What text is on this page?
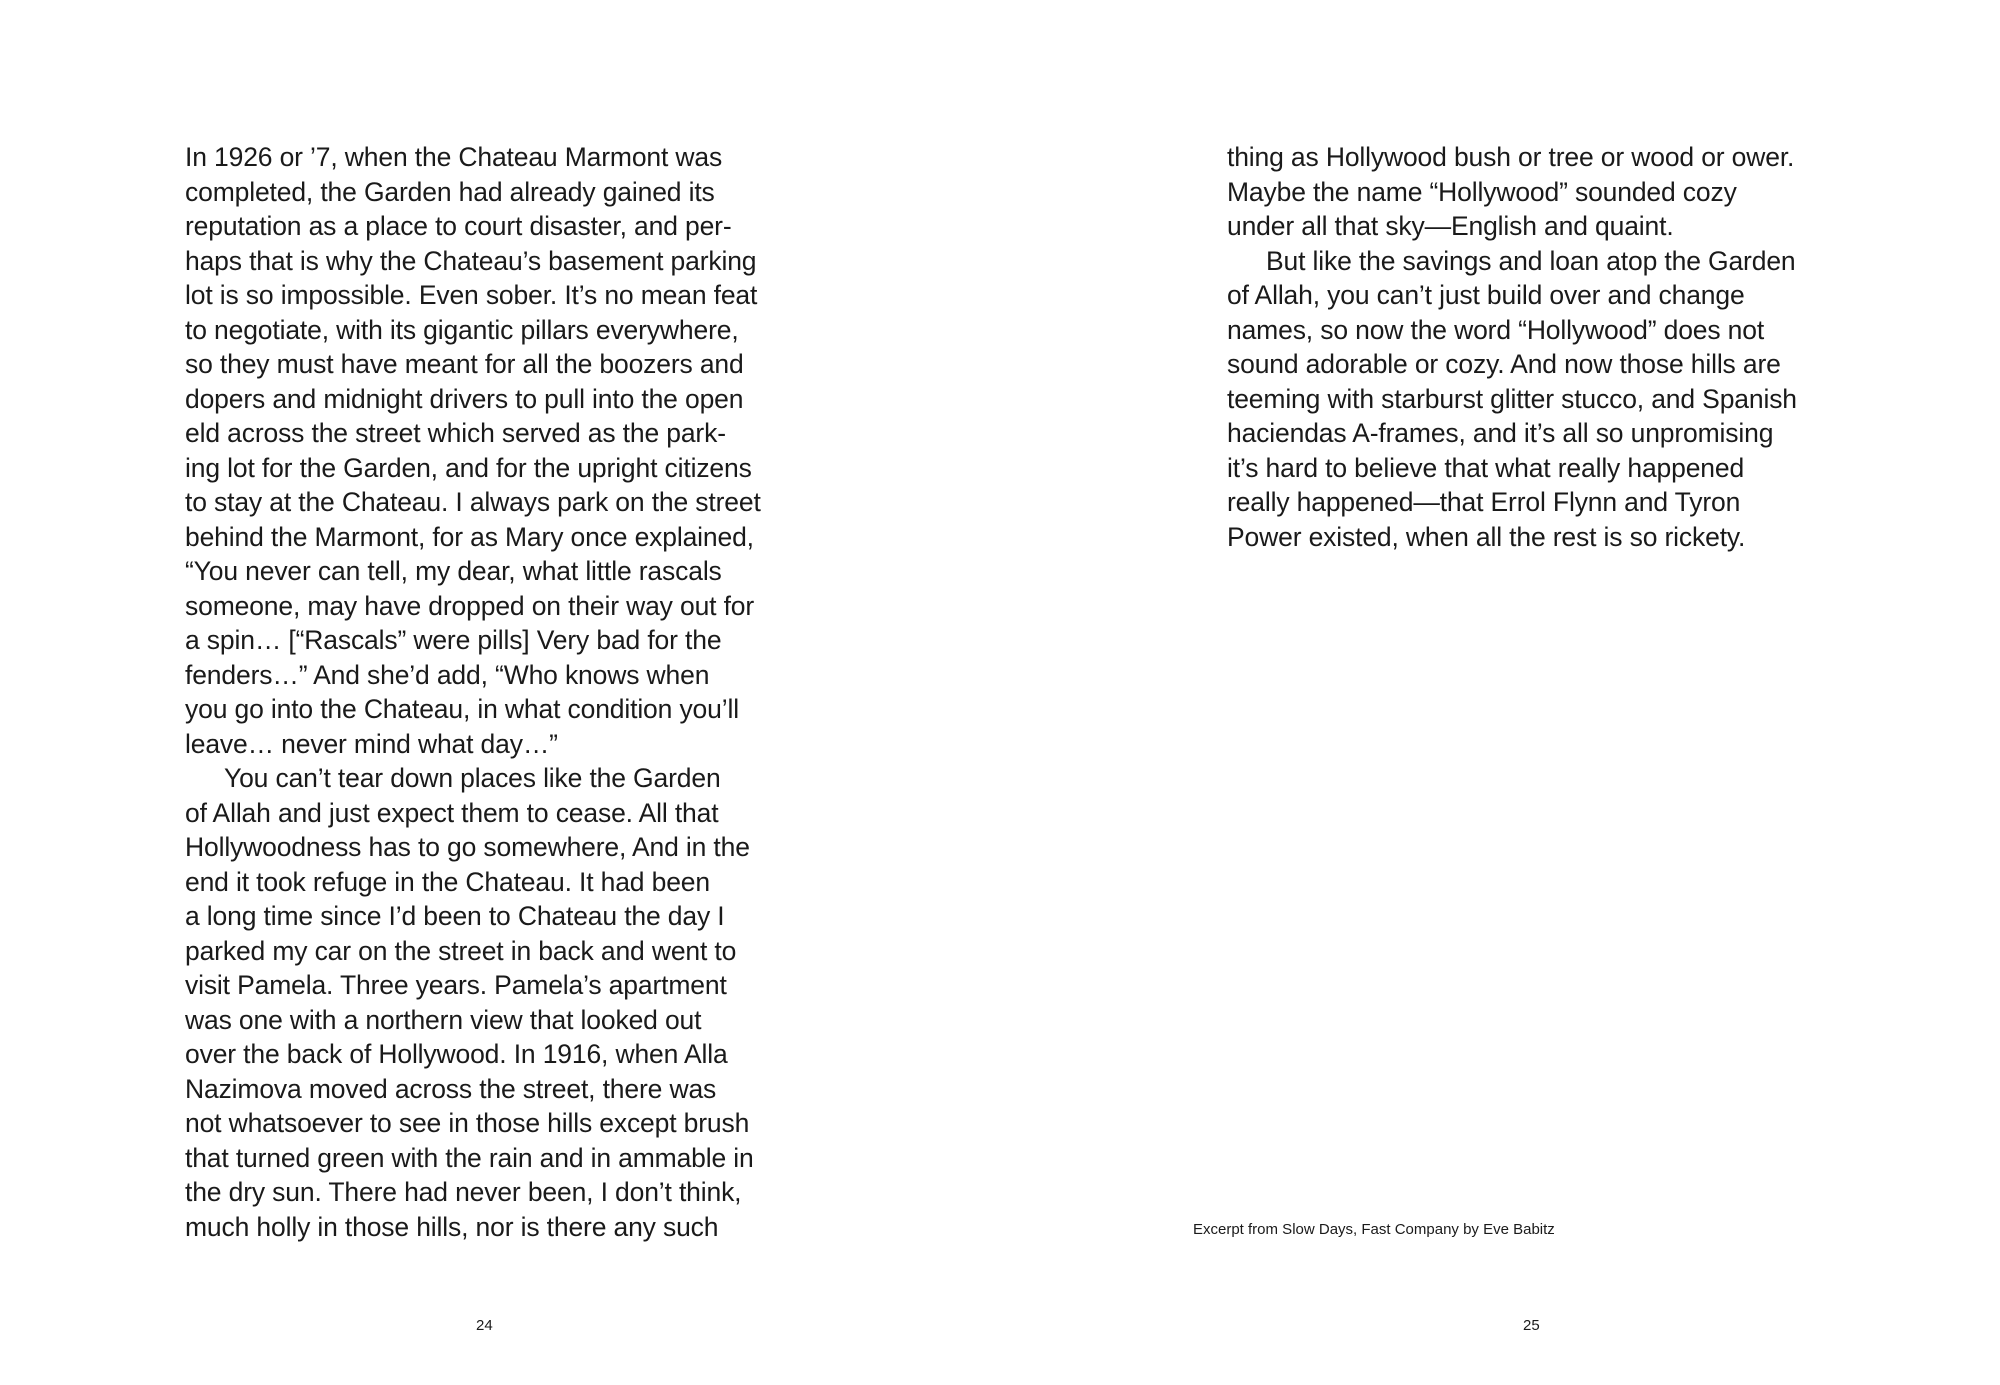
In 1926 or ’7, when the Chateau Marmont was
completed, the Garden had already gained its
reputation as a place to court disaster, and per-
haps that is why the Chateau’s basement parking
lot is so impossible. Even sober. It’s no mean feat
to negotiate, with its gigantic pillars everywhere,
so they must have meant for all the boozers and
dopers and midnight drivers to pull into the open
eld across the street which served as the park-
ing lot for the Garden, and for the upright citizens
to stay at the Chateau. I always park on the street
behind the Marmont, for as Mary once explained,
“You never can tell, my dear, what little rascals
someone, may have dropped on their way out for
a spin… [“Rascals” were pills] Very bad for the
fenders…” And she’d add, “Who knows when
you go into the Chateau, in what condition you’ll
leave… never mind what day…”
You can’t tear down places like the Garden
of Allah and just expect them to cease. All that
Hollywoodness has to go somewhere, And in the
end it took refuge in the Chateau. It had been
a long time since I’d been to Chateau the day I
parked my car on the street in back and went to
visit Pamela. Three years. Pamela’s apartment
was one with a northern view that looked out
over the back of Hollywood. In 1916, when Alla
Nazimova moved across the street, there was
not whatsoever to see in those hills except brush
that turned green with the rain and in ammable in
the dry sun. There had never been, I don’t think,
much holly in those hills, nor is there any such
24
thing as Hollywood bush or tree or wood or ower.
Maybe the name “Hollywood” sounded cozy
under all that sky—English and quaint.
But like the savings and loan atop the Garden
of Allah, you can’t just build over and change
names, so now the word “Hollywood” does not
sound adorable or cozy. And now those hills are
teeming with starburst glitter stucco, and Spanish
haciendas A-frames, and it’s all so unpromising
it’s hard to believe that what really happened
really happened—that Errol Flynn and Tyron
Power existed, when all the rest is so rickety.
Excerpt from Slow Days, Fast Company by Eve Babitz
25
